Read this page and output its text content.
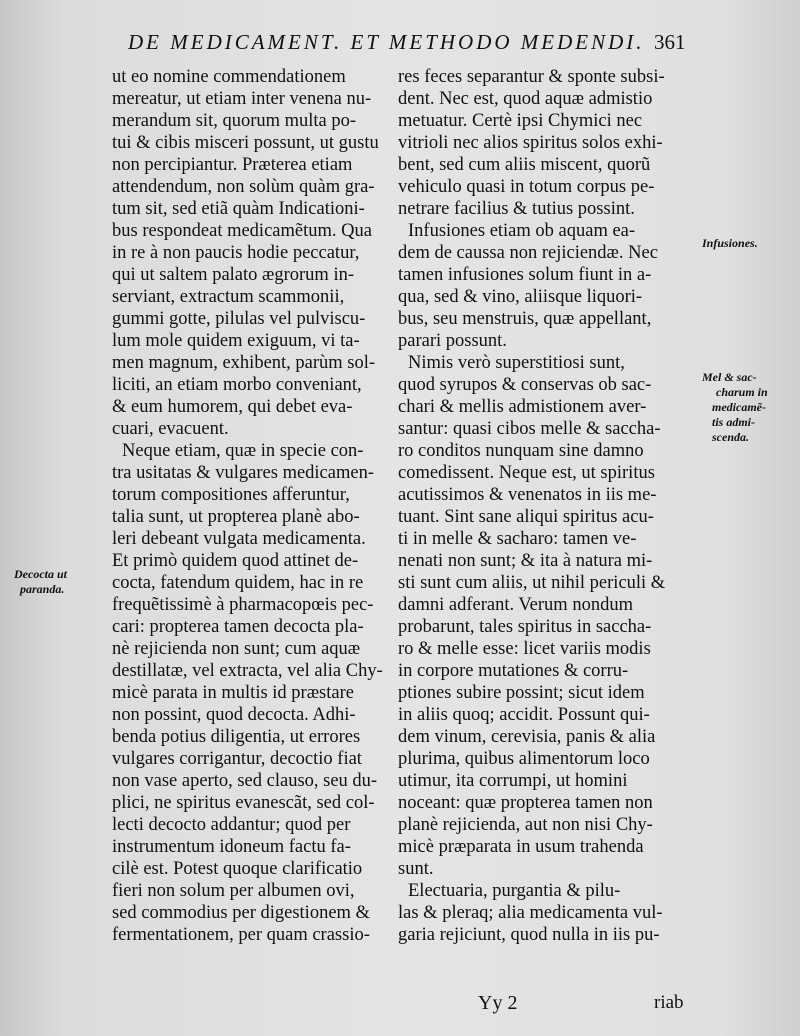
DE MEDICAMENT. ET METHODO MEDENDI. 361
ut eo nomine commendationem
mereatur, ut etiam inter venena nu-
merandum sit, quorum multa po-
tui & cibis misceri possunt, ut gustu
non percipiantur. Præterea etiam
attendendum, non solùm quàm gra-
tum sit, sed etiã quàm Indicationi-
bus respondeat medicamẽtum. Qua
in re à non paucis hodie peccatur,
qui ut saltem palato ægrorum in-
serviant, extractum scammonii,
gummi gotte, pilulas vel pulviscu-
lum mole quidem exiguum, vi ta-
men magnum, exhibent, parùm sol-
liciti, an etiam morbo conveniant,
& eum humorem, qui debet eva-
cuari, evacuent.
Neque etiam, quæ in specie con-
tra usitatas & vulgares medicamen-
torum compositiones afferuntur,
talia sunt, ut propterea planè abo-
leri debeant vulgata medicamenta.
Et primò quidem quod attinet de-
cocta, fatendum quidem, hac in re
frequẽtissimè à pharmacopœis pec-
cari: propterea tamen decocta pla-
nè rejicienda non sunt; cum aquæ
destillatæ, vel extracta, vel alia Chy-
micè parata in multis id præstare
non possint, quod decocta. Adhi-
benda potius diligentia, ut errores
vulgares corrigantur, decoctio fiat
non vase aperto, sed clauso, seu du-
plici, ne spiritus evanescãt, sed col-
lecti decocto addantur; quod per
instrumentum idoneum factu fa-
cilè est. Potest quoque clarificatio
fieri non solum per albumen ovi,
sed commodius per digestionem &
fermentationem, per quam crassio-
res feces separantur & sponte subsi-
dent. Nec est, quod aquæ admistio
metuatur. Certè ipsi Chymici nec
vitrioli nec alios spiritus solos exhi-
bent, sed cum aliis miscent, quorũ
vehiculo quasi in totum corpus pe-
netrare facilius & tutius possint.
Infusiones etiam ob aquam ea-
dem de caussa non rejiciendæ. Nec
tamen infusiones solum fiunt in a-
qua, sed & vino, aliisque liquori-
bus, seu menstruis, quæ appellant,
parari possunt.
Nimis verò superstitiosi sunt,
quod syrupos & conservas ob sac-
chari & mellis admistionem aver-
santur: quasi cibos melle & saccha-
ro conditos nunquam sine damno
comedissent. Neque est, ut spiritus
acutissimos & venenatos in iis me-
tuant. Sint sane aliqui spiritus acu-
ti in melle & sacharo: tamen ve-
nenati non sunt; & ita à natura mi-
sti sunt cum aliis, ut nihil periculi &
damni adferant. Verum nondum
probarunt, tales spiritus in saccha-
ro & melle esse: licet variis modis
in corpore mutationes & corru-
ptiones subire possint; sicut idem
in aliis quoq; accidit. Possunt qui-
dem vinum, cerevisia, panis & alia
plurima, quibus alimentorum loco
utimur, ita corrumpi, ut homini
noceant: quæ propterea tamen non
planè rejicienda, aut non nisi Chy-
micè præparata in usum trahenda
sunt.
Electuaria, purgantia & pilu-
las & pleraq; alia medicamenta vul-
garia rejiciunt, quod nulla in iis pu-
Infusiones.
Mel & sac-
charum in
medicamẽ-
tis admi-
scenda.
Decocta ut
paranda.
Yy 2	riab
